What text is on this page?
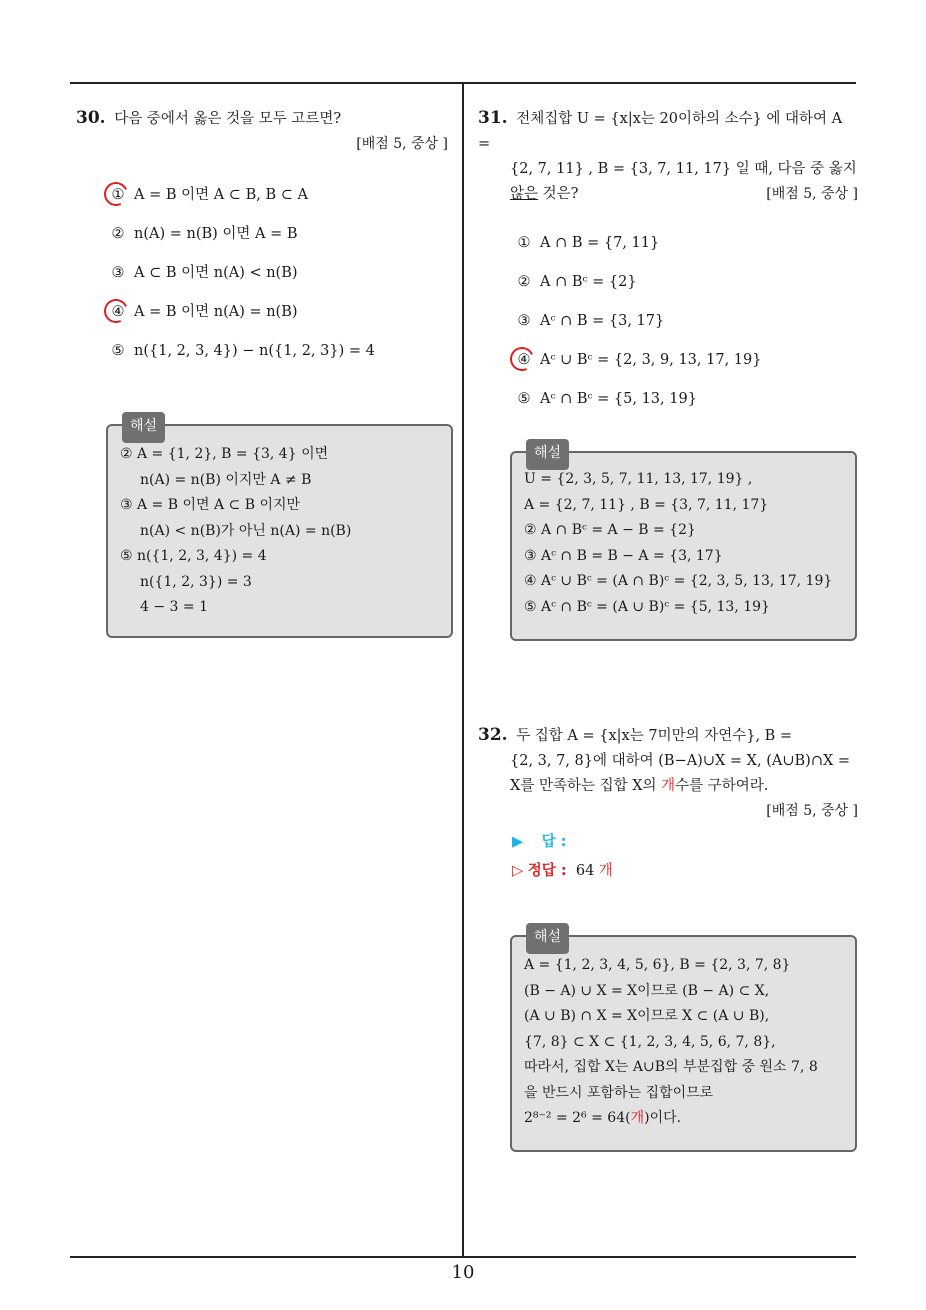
30. 다음 중에서 옳은 것을 모두 고르면?
[배점 5, 중상 ]
① A = B 이면 A ⊂ B, B ⊂ A
② n(A) = n(B) 이면 A = B
③ A ⊂ B 이면 n(A) < n(B)
④ A = B 이면 n(A) = n(B)
⑤ n({1, 2, 3, 4}) − n({1, 2, 3}) = 4
해설
② A = {1, 2}, B = {3, 4} 이면
n(A) = n(B) 이지만 A ≠ B
③ A = B 이면 A ⊂ B 이지만
n(A) < n(B)가 아닌 n(A) = n(B)
⑤ n({1, 2, 3, 4}) = 4
n({1, 2, 3}) = 3
4 − 3 = 1
31. 전체집합 U = {x|x는 20이하의 소수} 에 대하여 A =
{2, 7, 11} , B = {3, 7, 11, 17} 일 때, 다음 중 옳지
않은 것은?	[배점 5, 중상 ]
① A ∩ B = {7, 11}
② A ∩ Bᶜ = {2}
③ Aᶜ ∩ B = {3, 17}
④ Aᶜ ∪ Bᶜ = {2, 3, 9, 13, 17, 19}
⑤ Aᶜ ∩ Bᶜ = {5, 13, 19}
해설
U = {2, 3, 5, 7, 11, 13, 17, 19} ,
A = {2, 7, 11} , B = {3, 7, 11, 17}
② A ∩ Bᶜ = A − B = {2}
③ Aᶜ ∩ B = B − A = {3, 17}
④ Aᶜ ∪ Bᶜ = (A ∩ B)ᶜ = {2, 3, 5, 13, 17, 19}
⑤ Aᶜ ∩ Bᶜ = (A ∪ B)ᶜ = {5, 13, 19}
32. 두 집합 A = {x|x는 7미만의 자연수}, B =
{2, 3, 7, 8}에 대하여 (B−A)∪X = X, (A∪B)∩X =
X를 만족하는 집합 X의 개수를 구하여라.
[배점 5, 중상 ]
▶ 답 :
▷ 정답 : 64 개
해설
A = {1, 2, 3, 4, 5, 6}, B = {2, 3, 7, 8}
(B − A) ∪ X = X이므로 (B − A) ⊂ X,
(A ∪ B) ∩ X = X이므로 X ⊂ (A ∪ B),
{7, 8} ⊂ X ⊂ {1, 2, 3, 4, 5, 6, 7, 8},
따라서, 집합 X는 A∪B의 부분집합 중 원소 7, 8
을 반드시 포함하는 집합이므로
2⁸⁻² = 2⁶ = 64(개)이다.
10
